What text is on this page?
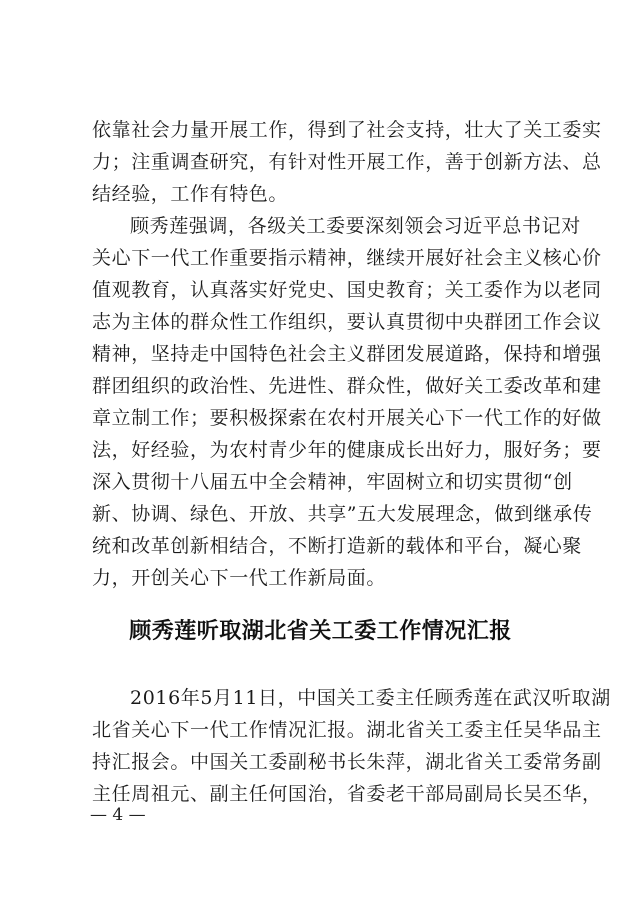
依靠社会力量开展工作，得到了社会支持，壮大了关工委实
力；注重调查研究，有针对性开展工作，善于创新方法、总
结经验，工作有特色。
顾秀莲强调，各级关工委要深刻领会习近平总书记对
关心下一代工作重要指示精神，继续开展好社会主义核心价
值观教育，认真落实好党史、国史教育；关工委作为以老同
志为主体的群众性工作组织，要认真贯彻中央群团工作会议
精神，坚持走中国特色社会主义群团发展道路，保持和增强
群团组织的政治性、先进性、群众性，做好关工委改革和建
章立制工作；要积极探索在农村开展关心下一代工作的好做
法，好经验，为农村青少年的健康成长出好力，服好务；要
深入贯彻十八届五中全会精神，牢固树立和切实贯彻“创
新、协调、绿色、开放、共享”五大发展理念，做到继承传
统和改革创新相结合，不断打造新的载体和平台，凝心聚
力，开创关心下一代工作新局面。
顾秀莲听取湖北省关工委工作情况汇报
2016年5月11日，中国关工委主任顾秀莲在武汉听取湖
北省关心下一代工作情况汇报。湖北省关工委主任吴华品主
持汇报会。中国关工委副秘书长朱萍，湖北省关工委常务副
主任周祖元、副主任何国治，省委老干部局副局长吴丕华，
— 4 —
